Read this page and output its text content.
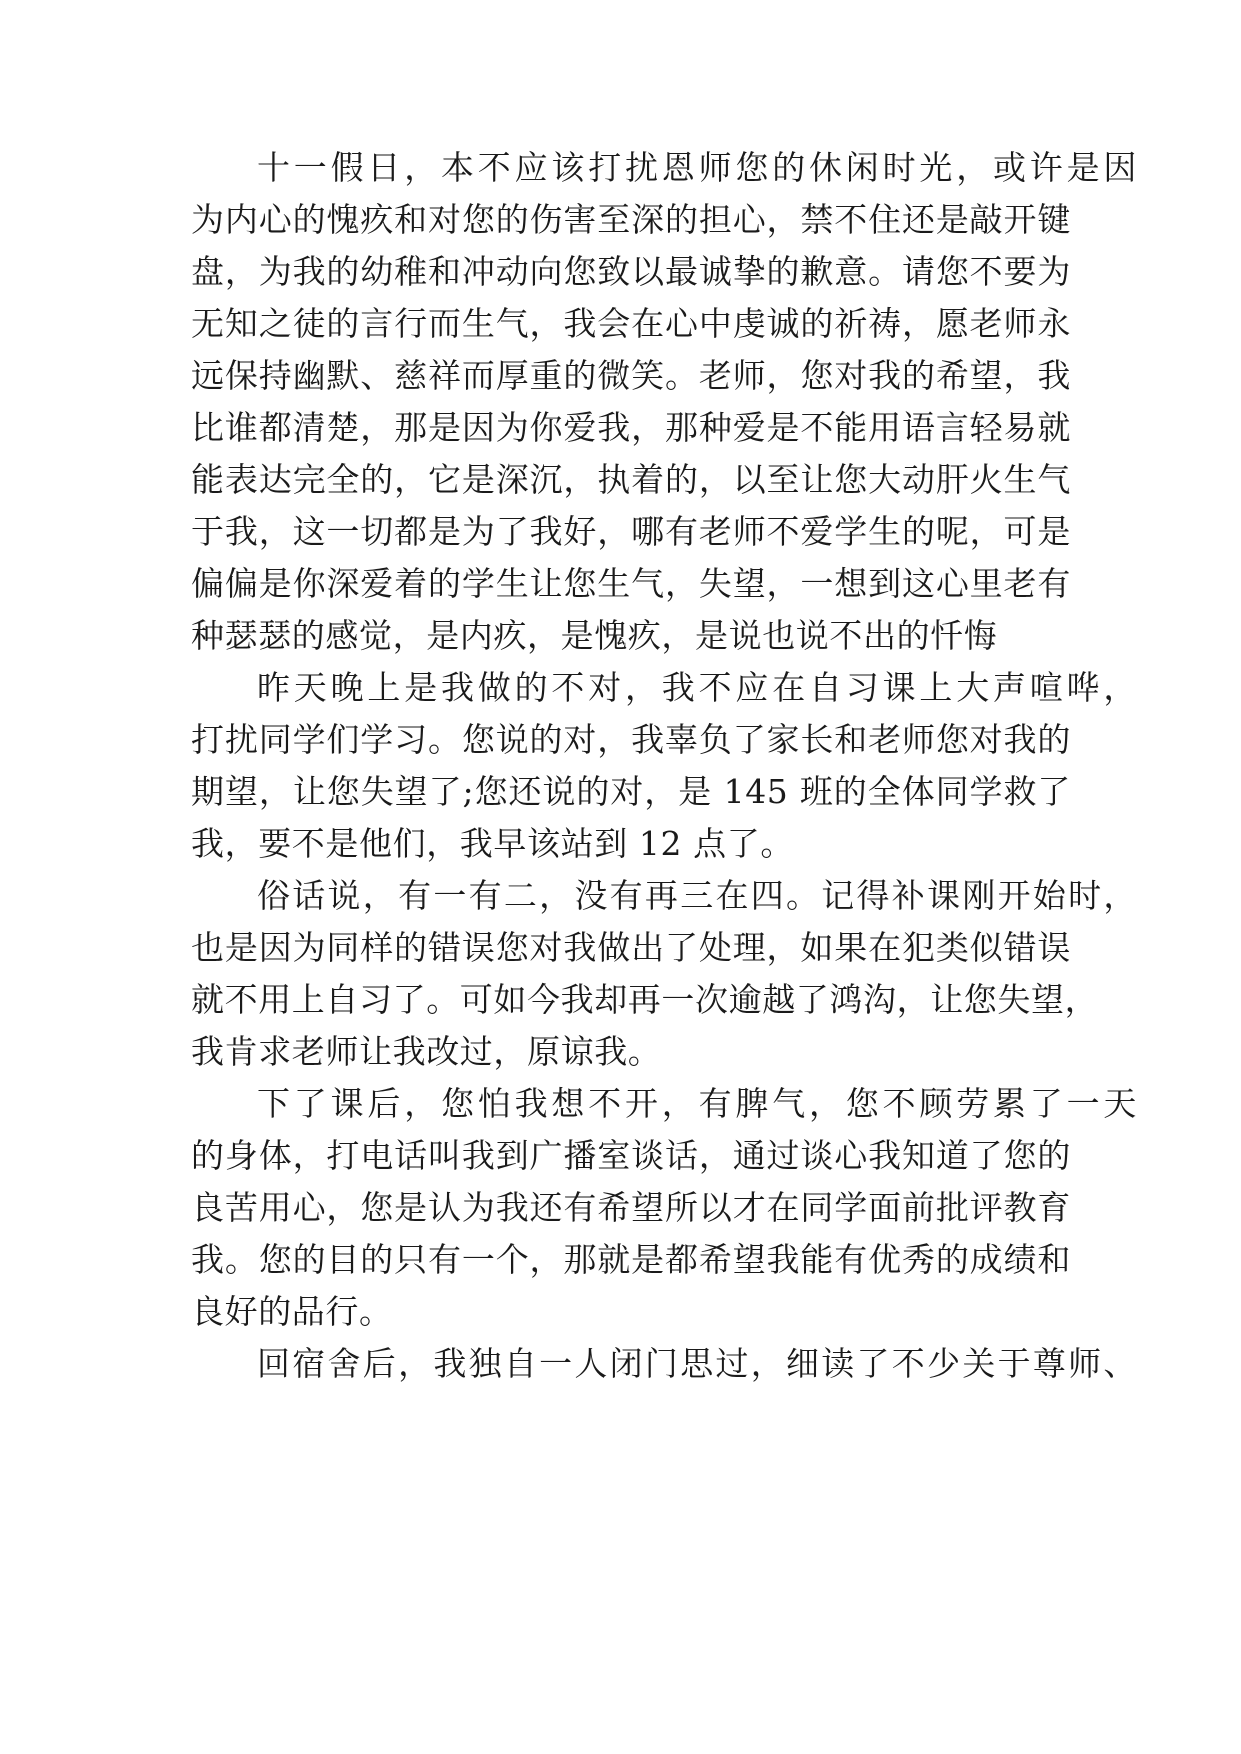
十一假日，本不应该打扰恩师您的休闲时光，或许是因
为内心的愧疚和对您的伤害至深的担心，禁不住还是敲开键
盘，为我的幼稚和冲动向您致以最诚挚的歉意。请您不要为
无知之徒的言行而生气，我会在心中虔诚的祈祷，愿老师永
远保持幽默、慈祥而厚重的微笑。老师，您对我的希望，我
比谁都清楚，那是因为你爱我，那种爱是不能用语言轻易就
能表达完全的，它是深沉，执着的，以至让您大动肝火生气
于我，这一切都是为了我好，哪有老师不爱学生的呢，可是
偏偏是你深爱着的学生让您生气，失望，一想到这心里老有
种瑟瑟的感觉，是内疚，是愧疚，是说也说不出的忏悔
昨天晚上是我做的不对，我不应在自习课上大声喧哗，
打扰同学们学习。您说的对，我辜负了家长和老师您对我的
期望，让您失望了;您还说的对，是 145 班的全体同学救了
我，要不是他们，我早该站到 12 点了。
俗话说，有一有二，没有再三在四。记得补课刚开始时，
也是因为同样的错误您对我做出了处理，如果在犯类似错误
就不用上自习了。可如今我却再一次逾越了鸿沟，让您失望，
我肯求老师让我改过，原谅我。
下了课后，您怕我想不开，有脾气，您不顾劳累了一天
的身体，打电话叫我到广播室谈话，通过谈心我知道了您的
良苦用心，您是认为我还有希望所以才在同学面前批评教育
我。您的目的只有一个，那就是都希望我能有优秀的成绩和
良好的品行。
回宿舍后，我独自一人闭门思过，细读了不少关于尊师、
